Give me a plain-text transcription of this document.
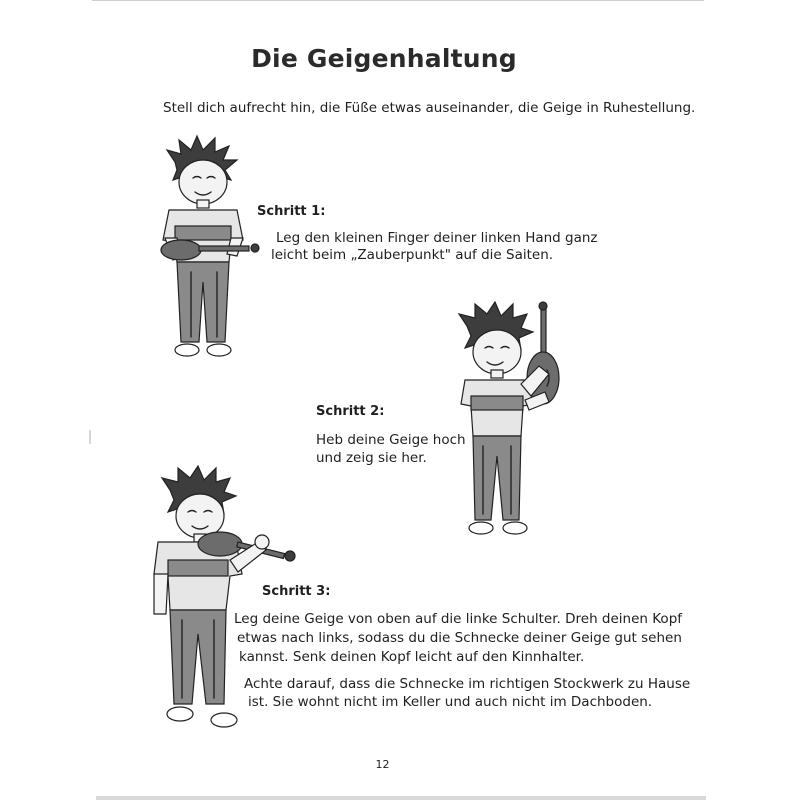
Die Geigenhaltung
Stell dich aufrecht hin, die Füße etwas auseinander, die Geige in Ruhestellung.
Schritt 1:
Leg den kleinen Finger deiner linken Hand ganz
leicht beim „Zauberpunkt" auf die Saiten.
Schritt 2:
Heb deine Geige hoch
und zeig sie her.
Schritt 3:
Leg deine Geige von oben auf die linke Schulter. Dreh deinen Kopf
etwas nach links, sodass du die Schnecke deiner Geige gut sehen
kannst. Senk deinen Kopf leicht auf den Kinnhalter.
Achte darauf, dass die Schnecke im richtigen Stockwerk zu Hause
ist. Sie wohnt nicht im Keller und auch nicht im Dachboden.
12
